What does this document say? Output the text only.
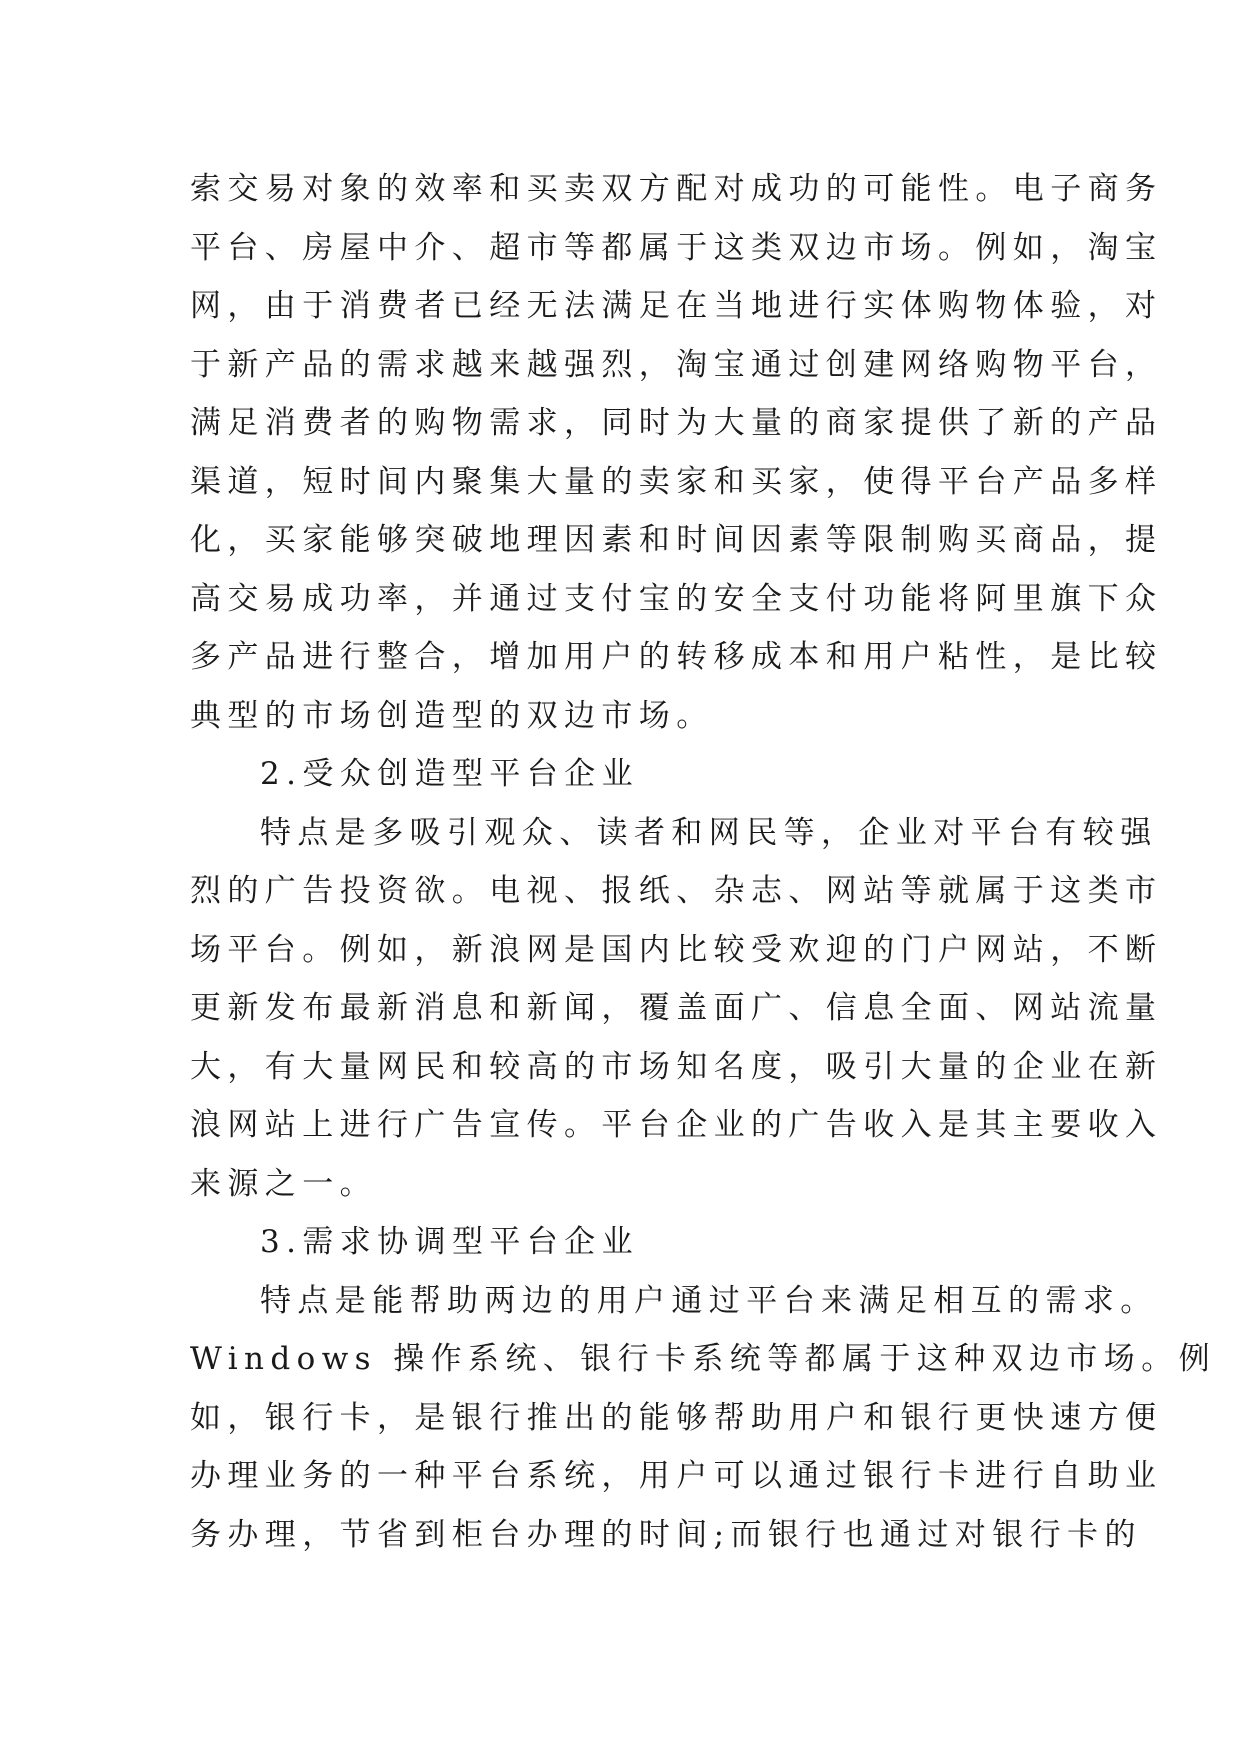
索交易对象的效率和买卖双方配对成功的可能性。电子商务
平台、房屋中介、超市等都属于这类双边市场。例如，淘宝
网，由于消费者已经无法满足在当地进行实体购物体验，对
于新产品的需求越来越强烈，淘宝通过创建网络购物平台，
满足消费者的购物需求，同时为大量的商家提供了新的产品
渠道，短时间内聚集大量的卖家和买家，使得平台产品多样
化，买家能够突破地理因素和时间因素等限制购买商品，提
高交易成功率，并通过支付宝的安全支付功能将阿里旗下众
多产品进行整合，增加用户的转移成本和用户粘性，是比较
典型的市场创造型的双边市场。
2.受众创造型平台企业
特点是多吸引观众、读者和网民等，企业对平台有较强
烈的广告投资欲。电视、报纸、杂志、网站等就属于这类市
场平台。例如，新浪网是国内比较受欢迎的门户网站，不断
更新发布最新消息和新闻，覆盖面广、信息全面、网站流量
大，有大量网民和较高的市场知名度，吸引大量的企业在新
浪网站上进行广告宣传。平台企业的广告收入是其主要收入
来源之一。
3.需求协调型平台企业
特点是能帮助两边的用户通过平台来满足相互的需求。
Windows 操作系统、银行卡系统等都属于这种双边市场。例
如，银行卡，是银行推出的能够帮助用户和银行更快速方便
办理业务的一种平台系统，用户可以通过银行卡进行自助业
务办理，节省到柜台办理的时间;而银行也通过对银行卡的
